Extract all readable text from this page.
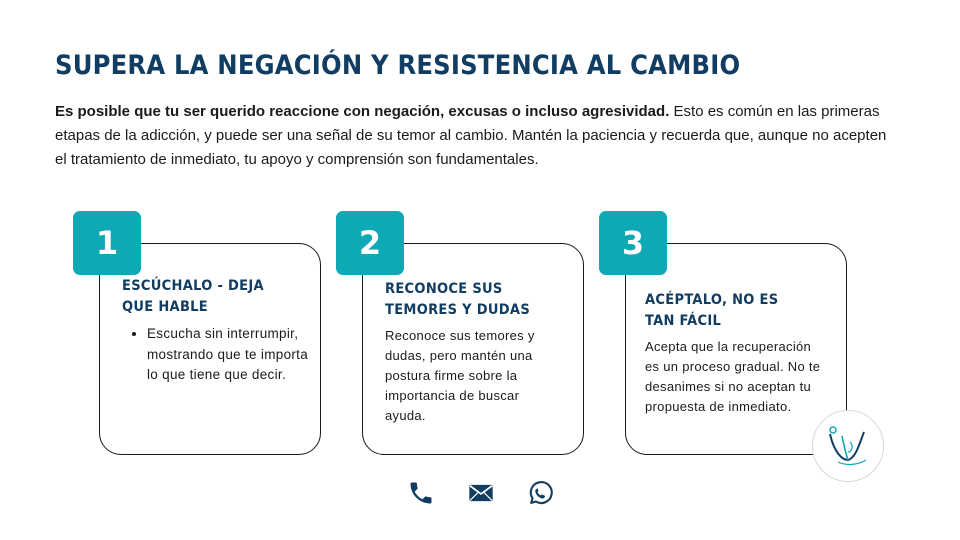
SUPERA LA NEGACIÓN Y RESISTENCIA AL CAMBIO

Es posible que tu ser querido reaccione con negación, excusas o incluso agresividad. Esto es común en las primeras etapas de la adicción, y puede ser una señal de su temor al cambio. Mantén la paciencia y recuerda que, aunque no acepten el tratamiento de inmediato, tu apoyo y comprensión son fundamentales.

1
ESCÚCHALO - DEJA QUE HABLE
• Escucha sin interrumpir, mostrando que te importa lo que tiene que decir.
2
RECONOCE SUS TEMORES Y DUDAS

Reconoce sus temores y dudas, pero mantén una postura firme sobre la importancia de buscar ayuda.

3
ACÉPTALO, NO ES TAN FÁCIL

Acepta que la recuperación es un proceso gradual. No te desanimes si no aceptan tu propuesta de inmediato.
